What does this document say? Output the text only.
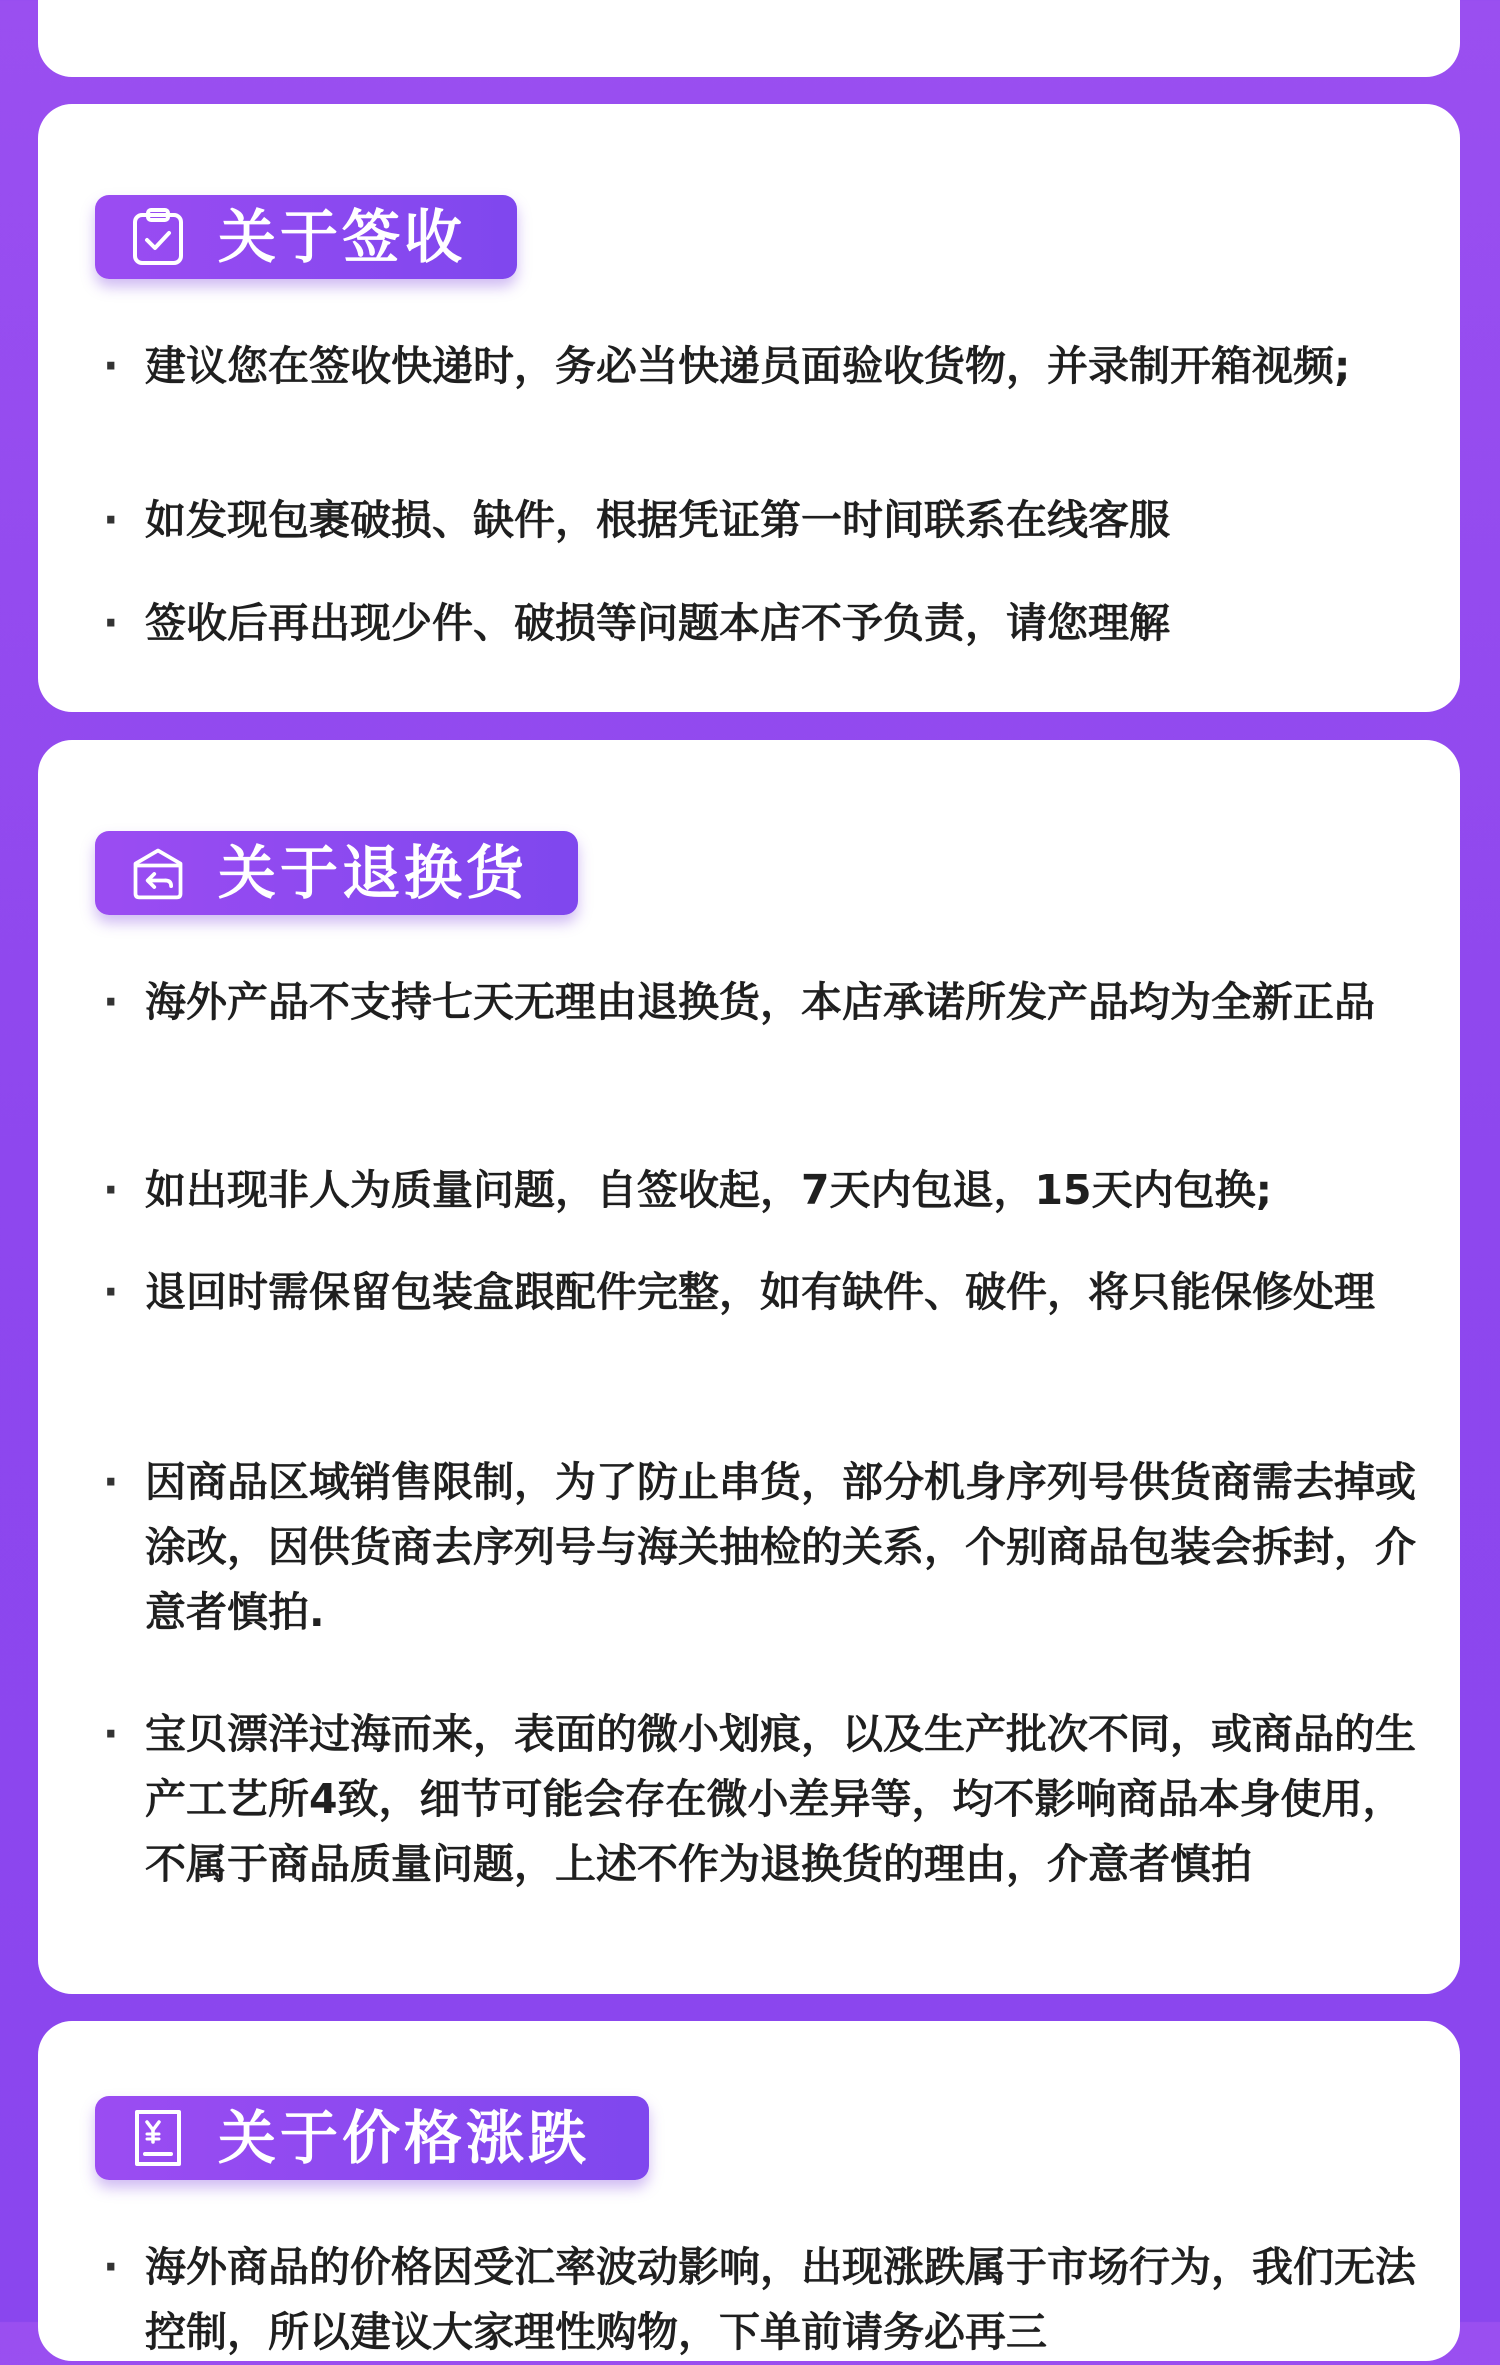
关于签收
· 建议您在签收快递时，务必当快递员面验收货物，并录制开箱视频;
· 如发现包裹破损、缺件，根据凭证第一时间联系在线客服
· 签收后再出现少件、破损等问题本店不予负责，请您理解
关于退换货
· 海外产品不支持七天无理由退换货，本店承诺所发产品均为全新正品
· 如出现非人为质量问题，自签收起，7天内包退，15天内包换;
· 退回时需保留包装盒跟配件完整，如有缺件、破件，将只能保修处理
· 因商品区域销售限制，为了防止串货，部分机身序列号供货商需去掉或涂改，因供货商去序列号与海关抽检的关系，个别商品包装会拆封，介意者慎拍.
· 宝贝漂洋过海而来，表面的微小划痕，以及生产批次不同，或商品的生产工艺所4致，细节可能会存在微小差异等，均不影响商品本身使用，不属于商品质量问题，上述不作为退换货的理由，介意者慎拍
关于价格涨跌
· 海外商品的价格因受汇率波动影响，出现涨跌属于市场行为，我们无法控制，所以建议大家理性购物，下单前请务必再三
